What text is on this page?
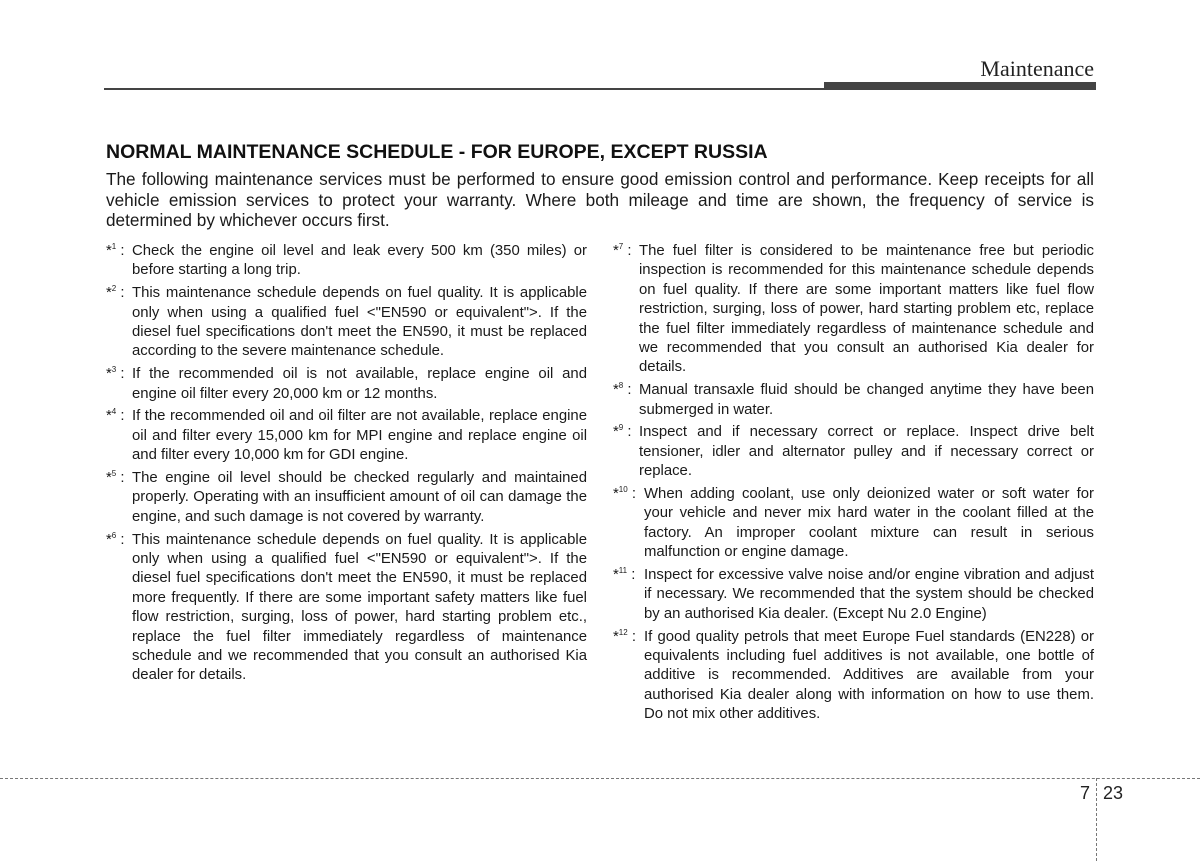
Maintenance
NORMAL MAINTENANCE SCHEDULE - FOR EUROPE, EXCEPT RUSSIA

The following maintenance services must be performed to ensure good emission control and performance. Keep receipts for all vehicle emission services to protect your warranty. Where both mileage and time are shown, the frequency of service is determined by whichever occurs first.

*$^1$ : Check the engine oil level and leak every 500 km (350 miles) or before starting a long trip.
*$^2$ : This maintenance schedule depends on fuel quality. It is applicable only when using a qualified fuel <"EN590 or equivalent">. If the diesel fuel specifications don't meet the EN590, it must be replaced according to the severe maintenance schedule.
*$^3$ : If the recommended oil is not available, replace engine oil and engine oil filter every 20,000 km or 12 months.
*$^4$ : If the recommended oil and oil filter are not available, replace engine oil and filter every 15,000 km for MPI engine and replace engine oil and filter every 10,000 km for GDI engine.
*$^5$ : The engine oil level should be checked regularly and maintained properly. Operating with an insufficient amount of oil can damage the engine, and such damage is not covered by warranty.
*$^6$ : This maintenance schedule depends on fuel quality. It is applicable only when using a qualified fuel <"EN590 or equivalent">. If the diesel fuel specifications don't meet the EN590, it must be replaced more frequently. If there are some important safety matters like fuel flow restriction, surging, loss of power, hard starting problem etc., replace the fuel filter immediately regardless of maintenance schedule and we recommended that you consult an authorised Kia dealer for details.
*$^7$ : The fuel filter is considered to be maintenance free but periodic inspection is recommended for this maintenance schedule depends on fuel quality. If there are some important matters like fuel flow restriction, surging, loss of power, hard starting problem etc, replace the fuel filter immediately regardless of maintenance schedule and we recommended that you consult an authorised Kia dealer for details.
*$^8$ : Manual transaxle fluid should be changed anytime they have been submerged in water.
*$^9$ : Inspect and if necessary correct or replace. Inspect drive belt tensioner, idler and alternator pulley and if necessary correct or replace.
*$^{10}$ : When adding coolant, use only deionized water or soft water for your vehicle and never mix hard water in the coolant filled at the factory. An improper coolant mixture can result in serious malfunction or engine damage.
*$^{11}$ : Inspect for excessive valve noise and/or engine vibration and adjust if necessary. We recommended that the system should be checked by an authorised Kia dealer. (Except Nu 2.0 Engine)
*$^{12}$ : If good quality petrols that meet Europe Fuel standards (EN228) or equivalents including fuel additives is not available, one bottle of additive is recommended. Additives are available from your authorised Kia dealer along with information on how to use them. Do not mix other additives.
7 23
